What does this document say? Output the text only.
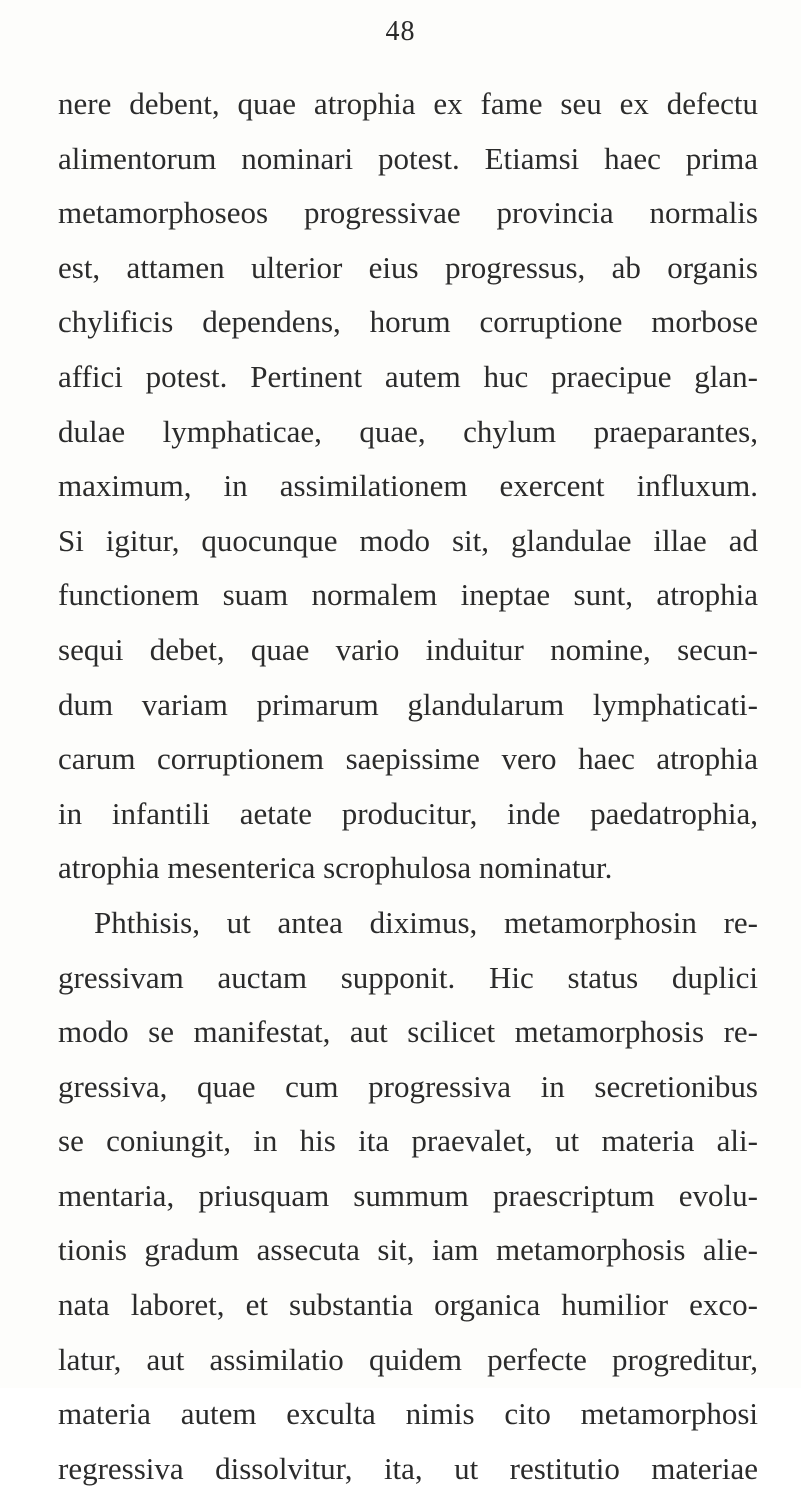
48
nere debent, quae atrophia ex fame seu ex defectu
alimentorum nominari potest. Etiamsi haec prima
metamorphoseos progressivae provincia normalis
est, attamen ulterior eius progressus, ab organis
chylificis dependens, horum corruptione morbose
affici potest. Pertinent autem huc praecipue glan-
dulae lymphaticae, quae, chylum praeparantes,
maximum, in assimilationem exercent influxum.
Si igitur, quocunque modo sit, glandulae illae ad
functionem suam normalem ineptae sunt, atrophia
sequi debet, quae vario induitur nomine, secun-
dum variam primarum glandularum lymphaticati-
carum corruptionem saepissime vero haec atrophia
in infantili aetate producitur, inde paedatrophia,
atrophia mesenterica scrophulosa nominatur.
Phthisis, ut antea diximus, metamorphosin re-
gressivam auctam supponit. Hic status duplici
modo se manifestat, aut scilicet metamorphosis re-
gressiva, quae cum progressiva in secretionibus
se coniungit, in his ita praevalet, ut materia ali-
mentaria, priusquam summum praescriptum evolu-
tionis gradum assecuta sit, iam metamorphosis alie-
nata laboret, et substantia organica humilior exco-
latur, aut assimilatio quidem perfecte progreditur,
materia autem exculta nimis cito metamorphosi
regressiva dissolvitur, ita, ut restitutio materiae
